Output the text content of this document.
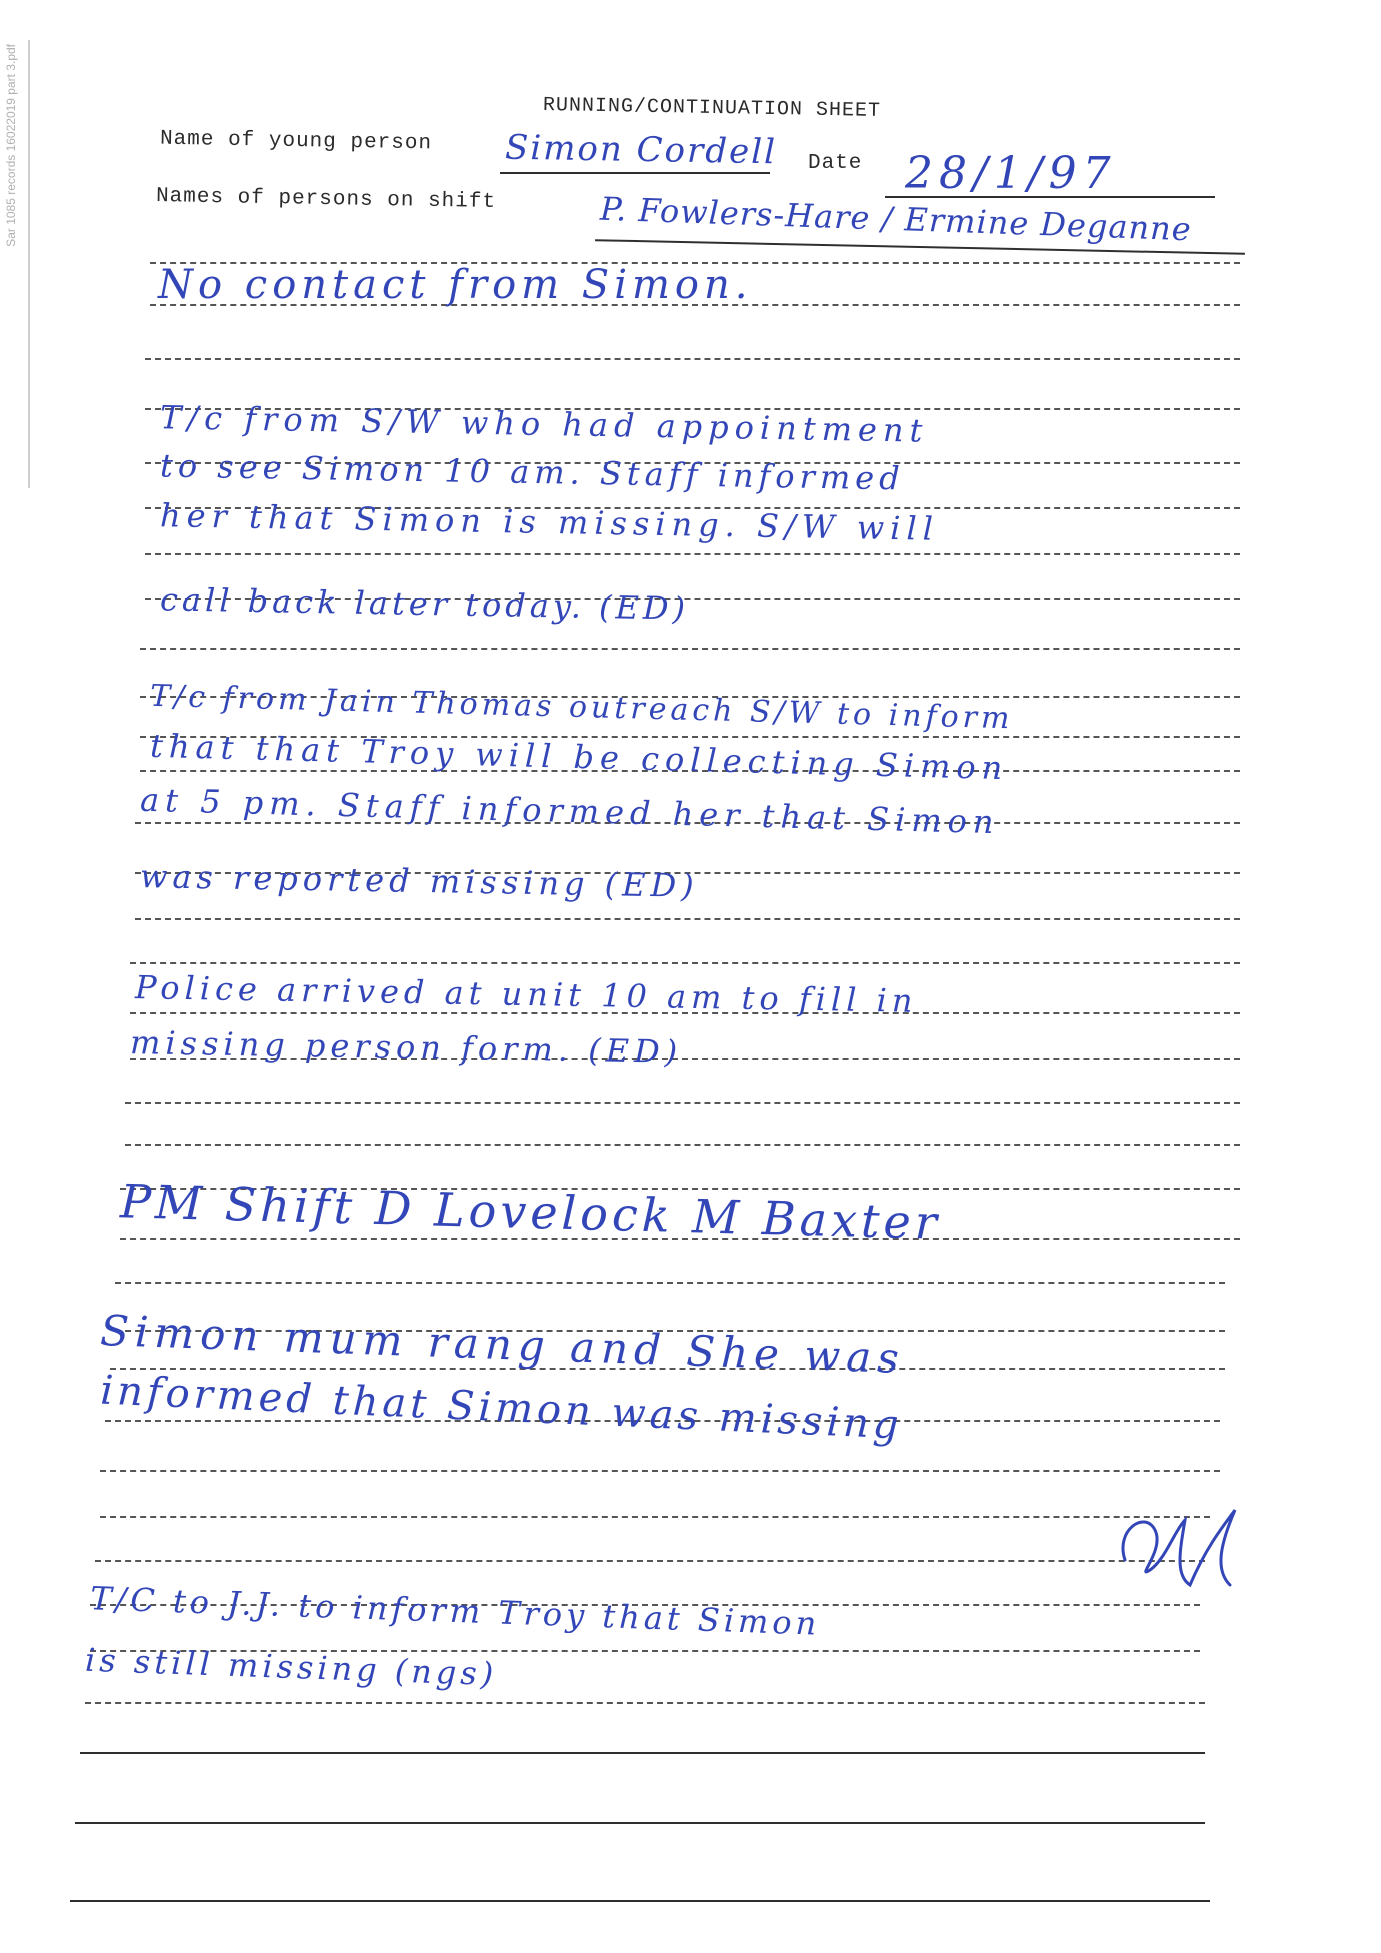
Sar 1085 records 16022019 part 3.pdf	RUNNING/CONTINUATION SHEET
Name of young person Simon Cordell Date 28/1/97
Names of persons on shift	P. Fowlers-Hare / Ermine Deganne
No contact from Simon.
T/c from S/W who had appointment
to see Simon 10 am. Staff informed
her that Simon is missing. S/W will
call back later today. (ED)
T/c from Jain Thomas outreach S/W to inform
that that Troy will be collecting Simon
at 5 pm. Staff informed her that Simon
was reported missing (ED)
Police arrived at unit 10 am to fill in
missing person form. (ED)
PM Shift D Lovelock M Baxter
Simon mum rang and She was
informed that Simon was missing
T/C to J.J. to inform Troy that Simon
is still missing (ngs)
